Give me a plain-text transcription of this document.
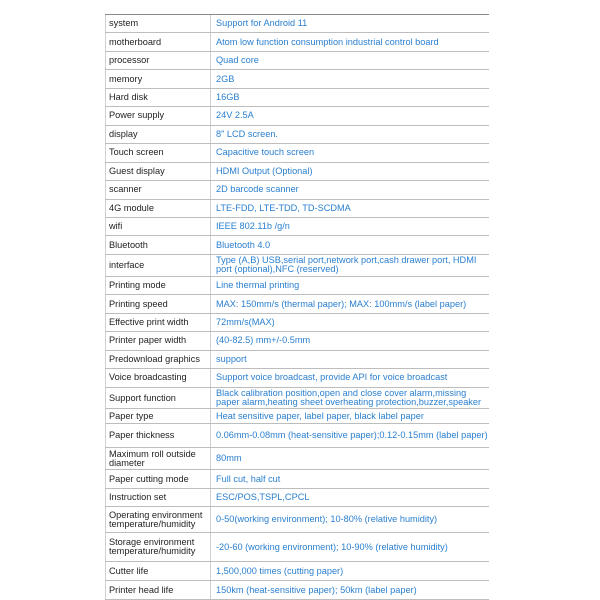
system	Support for Android 11
motherboard	Atom low function consumption industrial control board
processor	Quad core
memory	2GB
Hard disk	16GB
Power supply	24V 2.5A
display	8" LCD screen.
Touch screen	Capacitive touch screen
Guest display	HDMI Output (Optional)
scanner	2D barcode scanner
4G module	LTE-FDD, LTE-TDD, TD-SCDMA
wifi	IEEE 802.11b /g/n
Bluetooth	Bluetooth 4.0
interface	Type (A,B) USB,serial port,network port,cash drawer port, HDMI port (optional),NFC (reserved)
Printing mode	Line thermal printing
Printing speed	MAX: 150mm/s (thermal paper); MAX: 100mm/s (label paper)
Effective print width	72mm/s(MAX)
Printer paper width	(40-82.5) mm+/-0.5mm
Predownload graphics	support
Voice broadcasting	Support voice broadcast, provide API for voice broadcast
Support function	Black calibration position,open and close cover alarm,missing paper alarm,heating sheet overheating protection,buzzer,speaker
Paper type	Heat sensitive paper, label paper, black label paper
Paper thickness	0.06mm-0.08mm (heat-sensitive paper);0.12-0.15mm (label paper)
Maximum roll outside diameter	80mm
Paper cutting mode	Full cut, half cut
Instruction set	ESC/POS,TSPL,CPCL
Operating environment temperature/humidity	0-50(working environment); 10-80% (relative humidity)
Storage environment temperature/humidity	-20-60 (working environment); 10-90% (relative humidity)
Cutter life	1,500,000 times (cutting paper)
Printer head life	150km (heat-sensitive paper); 50km (label paper)
